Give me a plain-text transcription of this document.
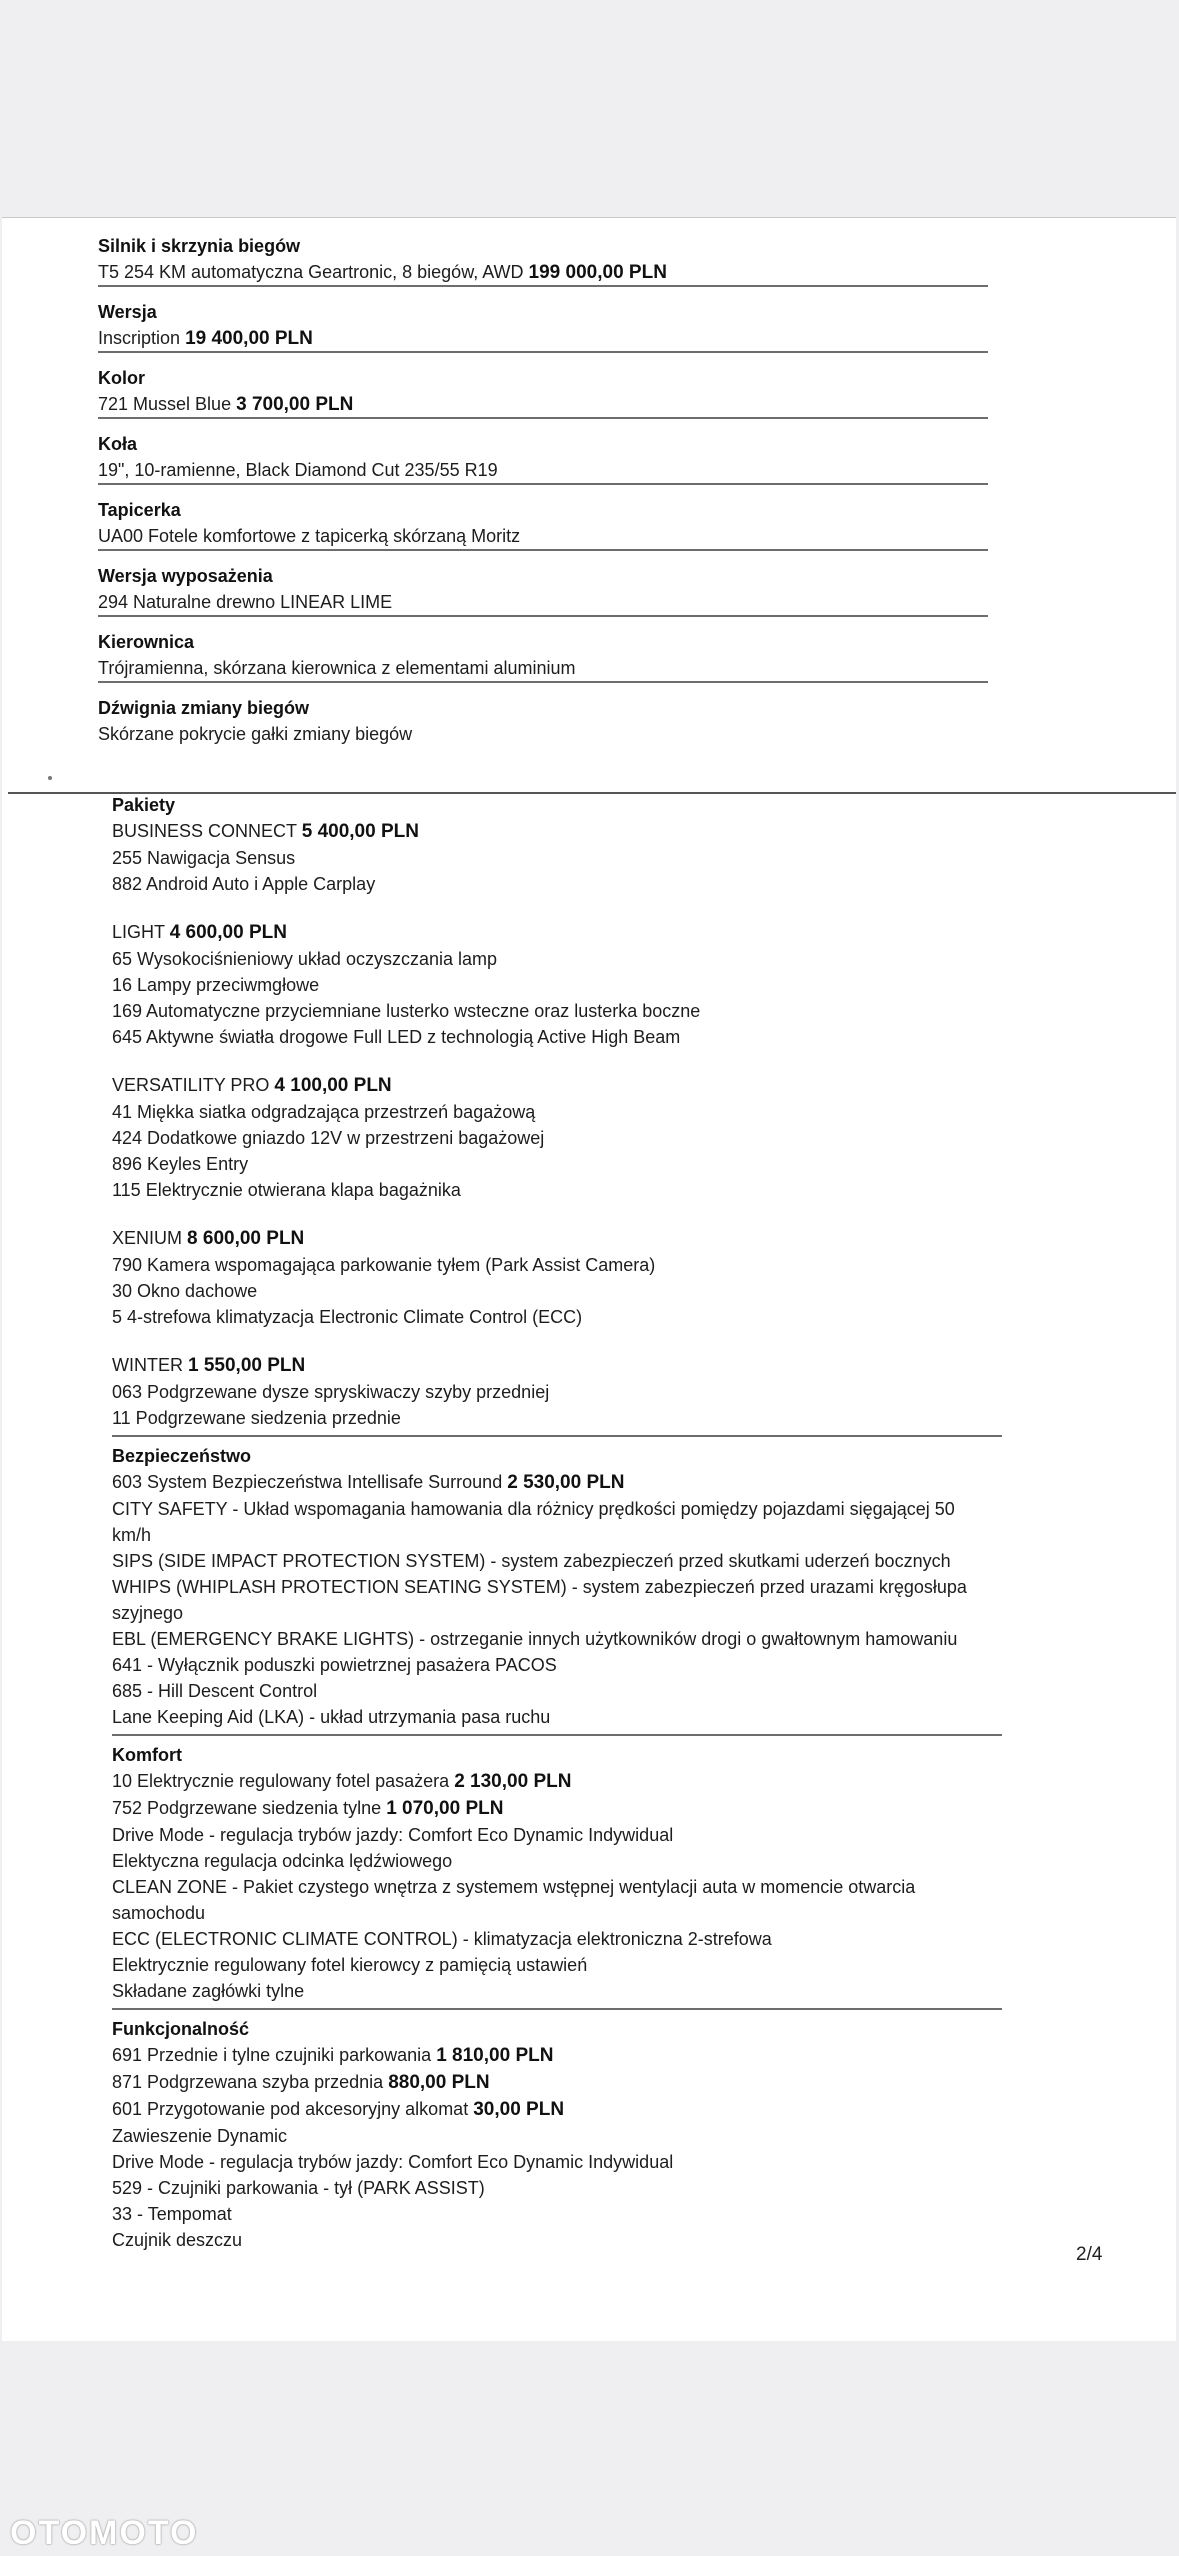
Silnik i skrzynia biegów
T5 254 KM automatyczna Geartronic, 8 biegów, AWD 199 000,00 PLN
Wersja
Inscription 19 400,00 PLN
Kolor
721 Mussel Blue 3 700,00 PLN
Koła
19", 10-ramienne, Black Diamond Cut 235/55 R19
Tapicerka
UA00 Fotele komfortowe z tapicerką skórzaną Moritz
Wersja wyposażenia
294 Naturalne drewno LINEAR LIME
Kierownica
Trójramienna, skórzana kierownica z elementami aluminium
Dźwignia zmiany biegów
Skórzane pokrycie gałki zmiany biegów
Pakiety
BUSINESS CONNECT 5 400,00 PLN
255 Nawigacja Sensus
882 Android Auto i Apple Carplay
LIGHT 4 600,00 PLN
65 Wysokociśnieniowy układ oczyszczania lamp
16 Lampy przeciwmgłowe
169 Automatyczne przyciemniane lusterko wsteczne oraz lusterka boczne
645 Aktywne światła drogowe Full LED z technologią Active High Beam
VERSATILITY PRO 4 100,00 PLN
41 Miękka siatka odgradzająca przestrzeń bagażową
424 Dodatkowe gniazdo 12V w przestrzeni bagażowej
896 Keyles Entry
115 Elektrycznie otwierana klapa bagażnika
XENIUM 8 600,00 PLN
790 Kamera wspomagająca parkowanie tyłem (Park Assist Camera)
30 Okno dachowe
5 4-strefowa klimatyzacja Electronic Climate Control (ECC)
WINTER 1 550,00 PLN
063 Podgrzewane dysze spryskiwaczy szyby przedniej
11 Podgrzewane siedzenia przednie
Bezpieczeństwo
603 System Bezpieczeństwa Intellisafe Surround 2 530,00 PLN
CITY SAFETY - Układ wspomagania hamowania dla różnicy prędkości pomiędzy pojazdami sięgającej 50 km/h
SIPS (SIDE IMPACT PROTECTION SYSTEM) - system zabezpieczeń przed skutkami uderzeń bocznych
WHIPS (WHIPLASH PROTECTION SEATING SYSTEM) - system zabezpieczeń przed urazami kręgosłupa szyjnego
EBL (EMERGENCY BRAKE LIGHTS) - ostrzeganie innych użytkowników drogi o gwałtownym hamowaniu
641 - Wyłącznik poduszki powietrznej pasażera PACOS
685 - Hill Descent Control
Lane Keeping Aid (LKA) - układ utrzymania pasa ruchu
Komfort
10 Elektrycznie regulowany fotel pasażera 2 130,00 PLN
752 Podgrzewane siedzenia tylne 1 070,00 PLN
Drive Mode - regulacja trybów jazdy: Comfort Eco Dynamic Indywidual
Elektyczna regulacja odcinka lędźwiowego
CLEAN ZONE - Pakiet czystego wnętrza z systemem wstępnej wentylacji auta w momencie otwarcia samochodu
ECC (ELECTRONIC CLIMATE CONTROL) - klimatyzacja elektroniczna 2-strefowa
Elektrycznie regulowany fotel kierowcy z pamięcią ustawień
Składane zagłówki tylne
Funkcjonalność
691 Przednie i tylne czujniki parkowania 1 810,00 PLN
871 Podgrzewana szyba przednia 880,00 PLN
601 Przygotowanie pod akcesoryjny alkomat 30,00 PLN
Zawieszenie Dynamic
Drive Mode - regulacja trybów jazdy: Comfort Eco Dynamic Indywidual
529 - Czujniki parkowania - tył (PARK ASSIST)
33 - Tempomat
Czujnik deszczu
2/4
OTOMOTO
